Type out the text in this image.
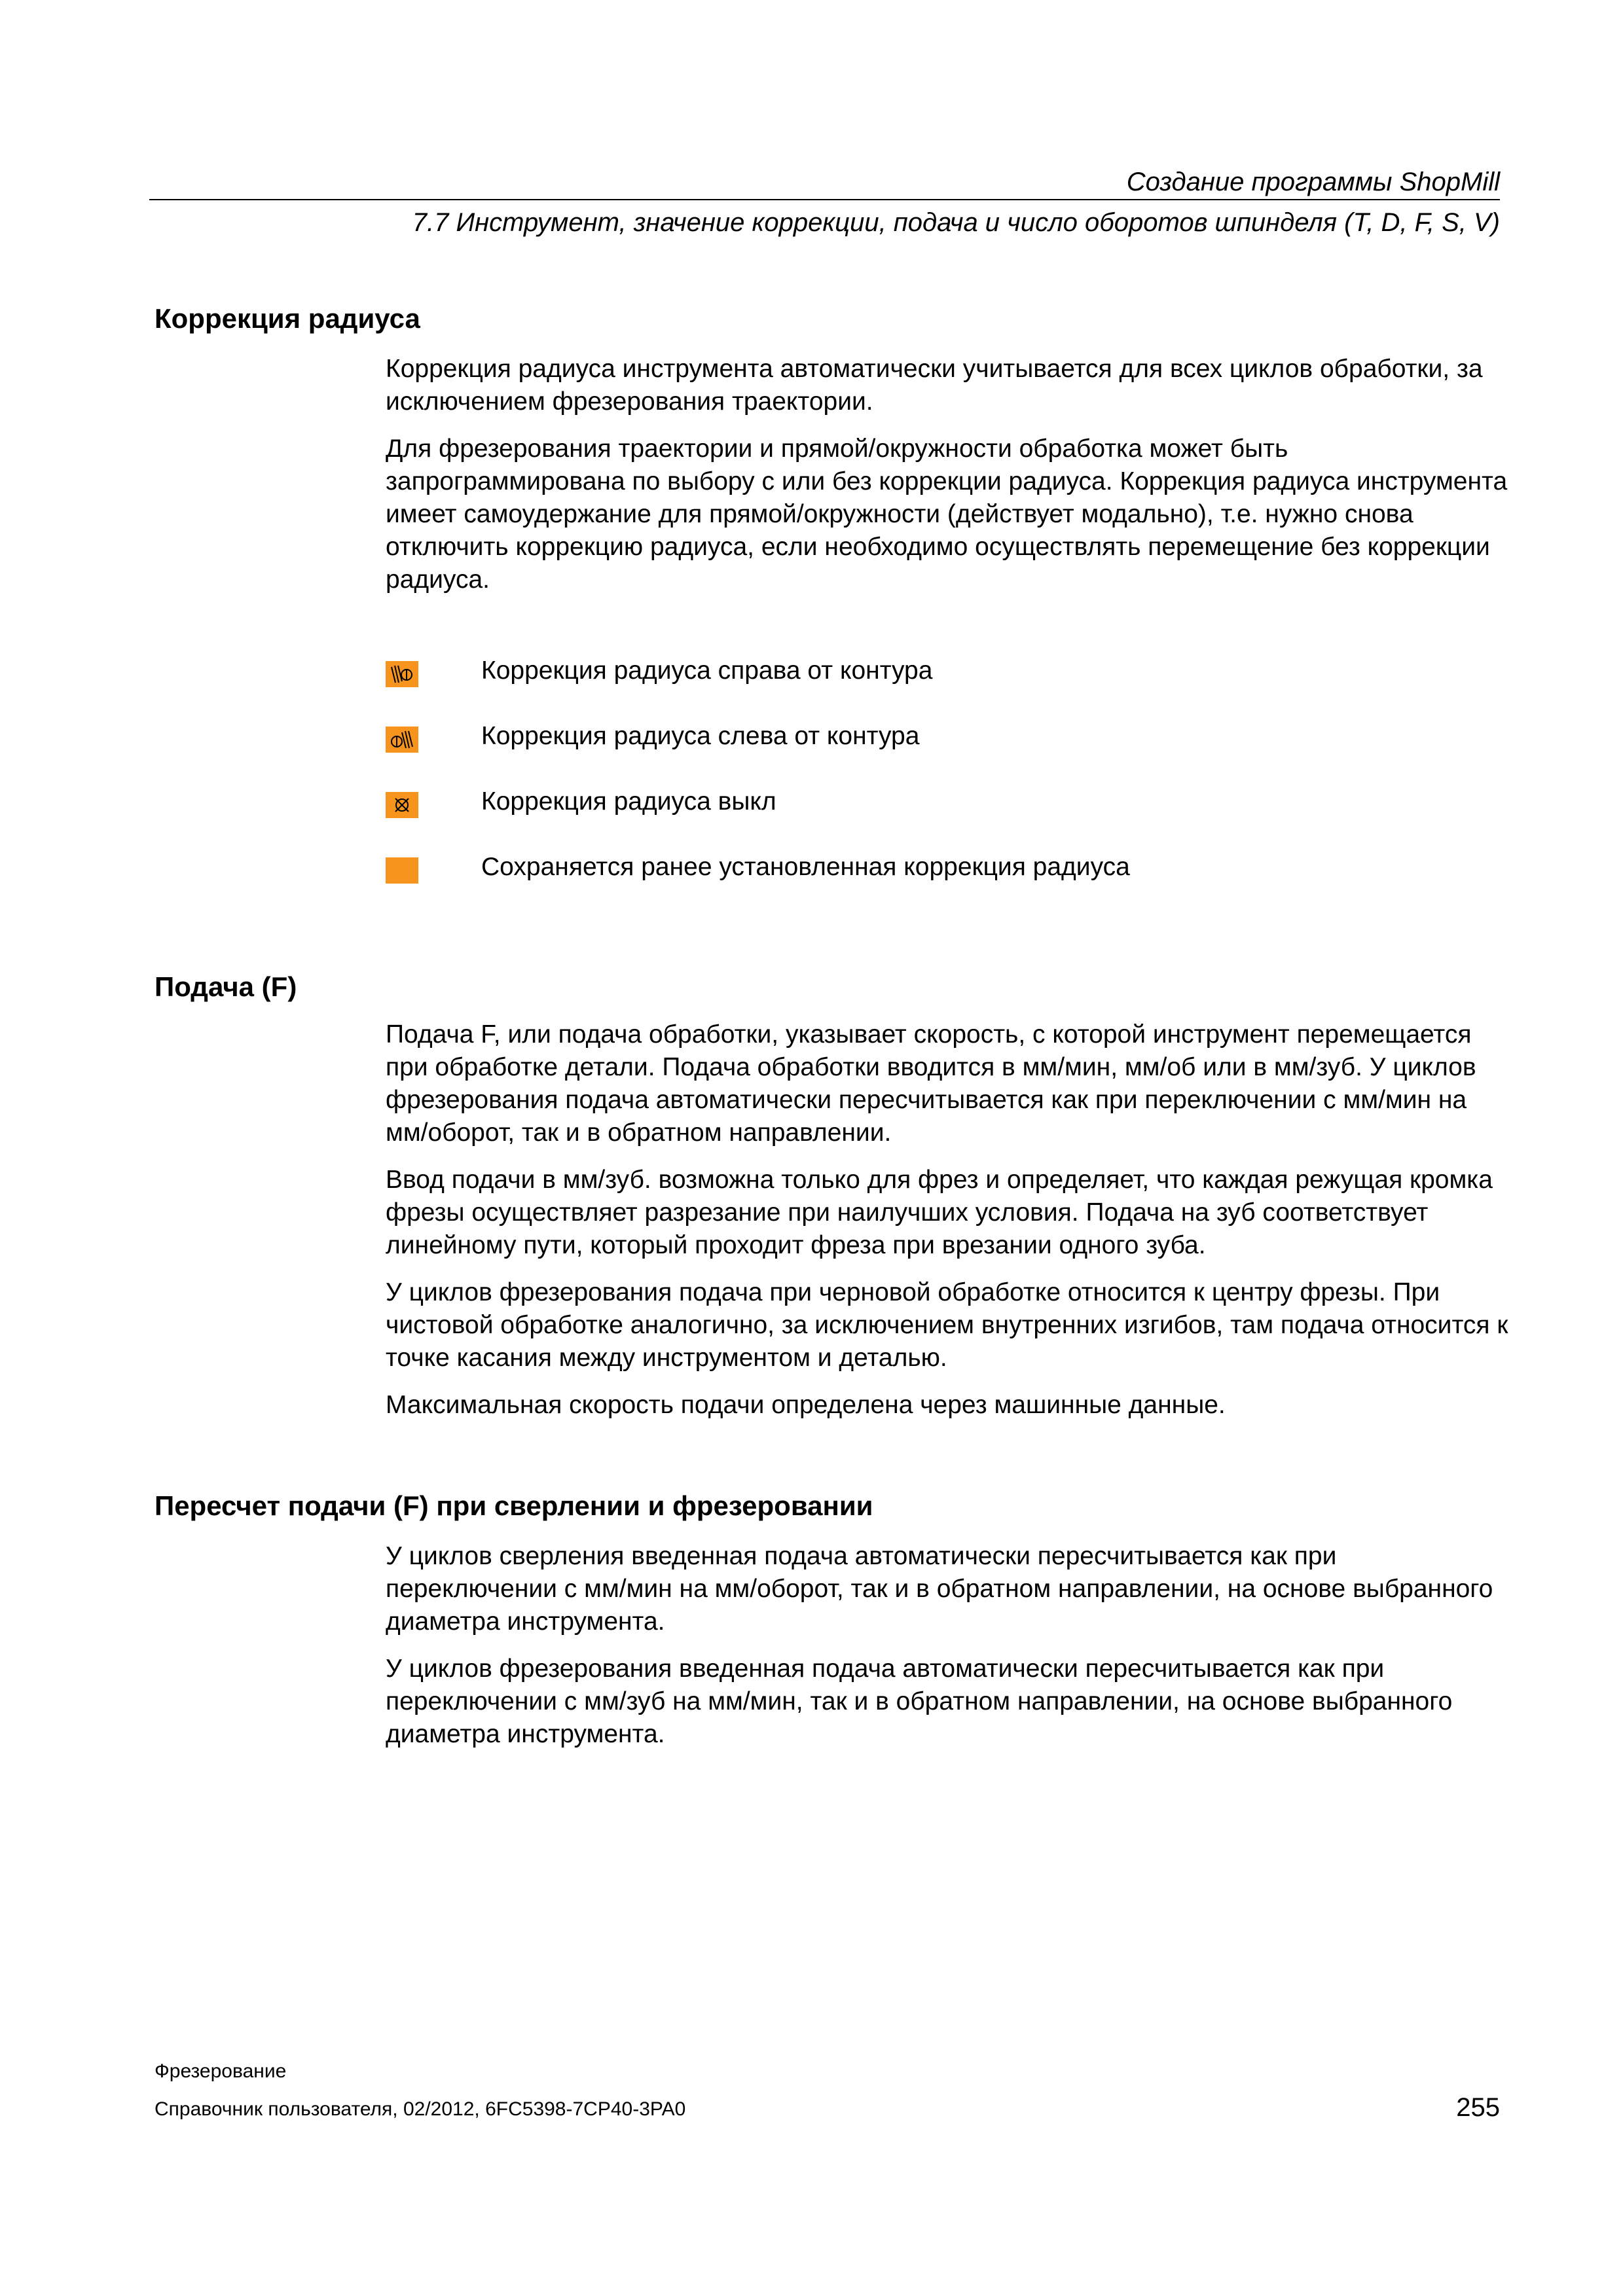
Создание программы ShopMill
7.7 Инструмент, значение коррекции, подача и число оборотов шпинделя (T, D, F, S, V)
Коррекция радиуса

Коррекция радиуса инструмента автоматически учитывается для всех циклов обработки, за исключением фрезерования траектории.

Для фрезерования траектории и прямой/окружности обработка может быть запрограммирована по выбору с или без коррекции радиуса. Коррекция радиуса инструмента имеет самоудержание для прямой/окружности (действует модально), т.е. нужно снова отключить коррекцию радиуса, если необходимо осуществлять перемещение без коррекции радиуса.

Коррекция радиуса справа от контура
Коррекция радиуса слева от контура
Коррекция радиуса выкл
Сохраняется ранее установленная коррекция радиуса
Подача (F)

Подача F, или подача обработки, указывает скорость, с которой инструмент перемещается при обработке детали. Подача обработки вводится в мм/мин, мм/об или в мм/зуб. У циклов фрезерования подача автоматически пересчитывается как при переключении с мм/мин на мм/оборот, так и в обратном направлении.

Ввод подачи в мм/зуб. возможна только для фрез и определяет, что каждая режущая кромка фрезы осуществляет разрезание при наилучших условия. Подача на зуб соответствует линейному пути, который проходит фреза при врезании одного зуба.

У циклов фрезерования подача при черновой обработке относится к центру фрезы. При чистовой обработке аналогично, за исключением внутренних изгибов, там подача относится к точке касания между инструментом и деталью.

Максимальная скорость подачи определена через машинные данные.

Пересчет подачи (F) при сверлении и фрезеровании

У циклов сверления введенная подача автоматически пересчитывается как при переключении с мм/мин на мм/оборот, так и в обратном направлении, на основе выбранного диаметра инструмента.

У циклов фрезерования введенная подача автоматически пересчитывается как при переключении с мм/зуб на мм/мин, так и в обратном направлении, на основе выбранного диаметра инструмента.

Фрезерование
Справочник пользователя, 02/2012, 6FC5398-7CP40-3PA0	255
